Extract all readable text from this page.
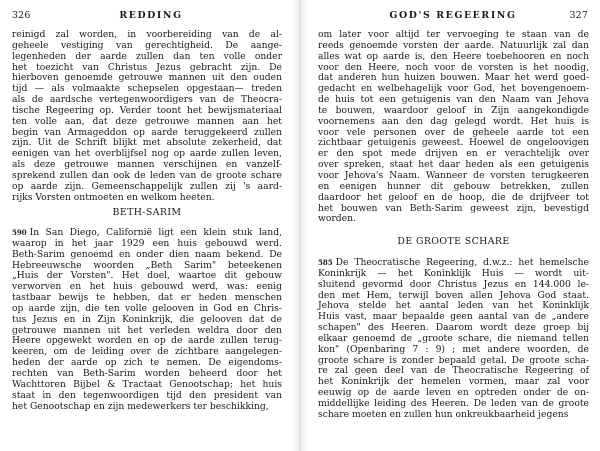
326	REDDING
reinigd zal worden, in voorbereiding van de al-
geheele vestiging van gerechtigheid. De aange-
legenheden der aarde zullen dan ten volle onder
het toezicht van Christus Jezus gebracht zijn. De
hierboven genoemde getrouwe mannen uit den ouden
tijd — als volmaakte schepselen opgestaan— treden
als de aardsche vertegenwoordigers van de Theocra-
tische Regeering op. Verder toont het bewijsmateriaal
ten volle aan, dat deze getrouwe mannen aan het
begin van Armageddon op aarde teruggekeerd zullen
zijn. Uit de Schrift blijkt met absolute zekerheid, dat
eenigen van het overblijfsel nog op aarde zullen leven,
als deze getrouwe mannen verschijnen en vanzelf-
sprekend zullen dan ook de leden van de groote schare
op aarde zijn. Gemeenschappelijk zullen zij 's aard-
rijks Vorsten ontmoeten en welkom heeten.
BETH-SARIM
590 In San Diego, Californië ligt een klein stuk land,
waarop in het jaar 1929 een huis gebouwd werd.
Beth-Sarim genoemd en onder dien naam bekend. De
Hebreeuwsche woorden „Beth Sarim" beteekenen
„Huis der Vorsten". Het doel, waartoe dit gebouw
verworven en het huis gebouwd werd, was: eenig
tastbaar bewijs te hebben, dat er heden menschen
op aarde zijn, die ten volle gelooven in God en Chris-
tus Jezus en in Zijn Koninkrijk, die gelooven dat de
getrouwe mannen uit het verleden weldra door den
Heere opgewekt worden en op de aarde zullen terug-
keeren, om de leiding over de zichtbare aangelegen-
heden der aarde op zich te nemen. De eigendoms-
rechten van Beth-Sarim worden beheerd door het
Wachttoren Bijbel & Tractaat Genootschap; het huis
staat in den tegenwoordigen tijd den president van
het Genootschap en zijn medewerkers ter beschikking,
GOD'S REGEERING	327
om later voor altijd ter vervoeging te staan van de
reeds genoemde vorsten der aarde. Natuurlijk zal dan
alles wat op aarde is, den Heere toebehooren en noch
voor den Heere, noch voor de vorsten is het noodig,
dat anderen hun huizen bouwen. Maar het werd goed-
gedacht en welbehagelijk voor God, het bovengenoem-
de huis tot een getuigenis van den Naam van Jehova
te bouwen, waardoor geloof in Zijn aangekondigde
voornemens aan den dag gelegd wordt. Het huis is
voor vele personen over de geheele aarde tot een
zichtbaar getuigenis geweest. Hoewel de ongeloovigen
er den spot mede drijven en er verachtelijk over
over spreken, staat het daar heden als een getuigenis
voor Jehova's Naam. Wanneer de vorsten terugkeeren
en eenigen hunner dit gebouw betrekken, zullen
daardoor het geloof en de hoop, die de drijfveer tot
het bouwen van Beth-Sarim geweest zijn, bevestigd
worden.
DE GROOTE SCHARE
585 De Theocratische Regeering, d.w.z.: het hemelsche
Koninkrijk — het Koninklijk Huis — wordt uit-
sluitend gevormd door Christus Jezus en 144.000 le-
den met Hem, terwijl boven allen Jehova God staat.
Jehova stelde het aantal leden van het Koninklijk
Huis vast, maar bepaalde geen aantal van de „andere
schapen" des Heeren. Daarom wordt deze groep bij
elkaar genoemd de „groote schare, die niemand tellen
kon" (Openbaring 7 : 9) ; met andere woorden, de
groote schare is zonder bepaald getal. De groote scha-
re zal geen deel van de Theocratische Regeering of
het Koninkrijk der hemelen vormen, maar zal voor
eeuwig op de aarde leven en optreden onder de on-
middellijke leiding des Heeren. De leden van de groote
schare moeten en zullen hun onkreukbaarheid jegens
